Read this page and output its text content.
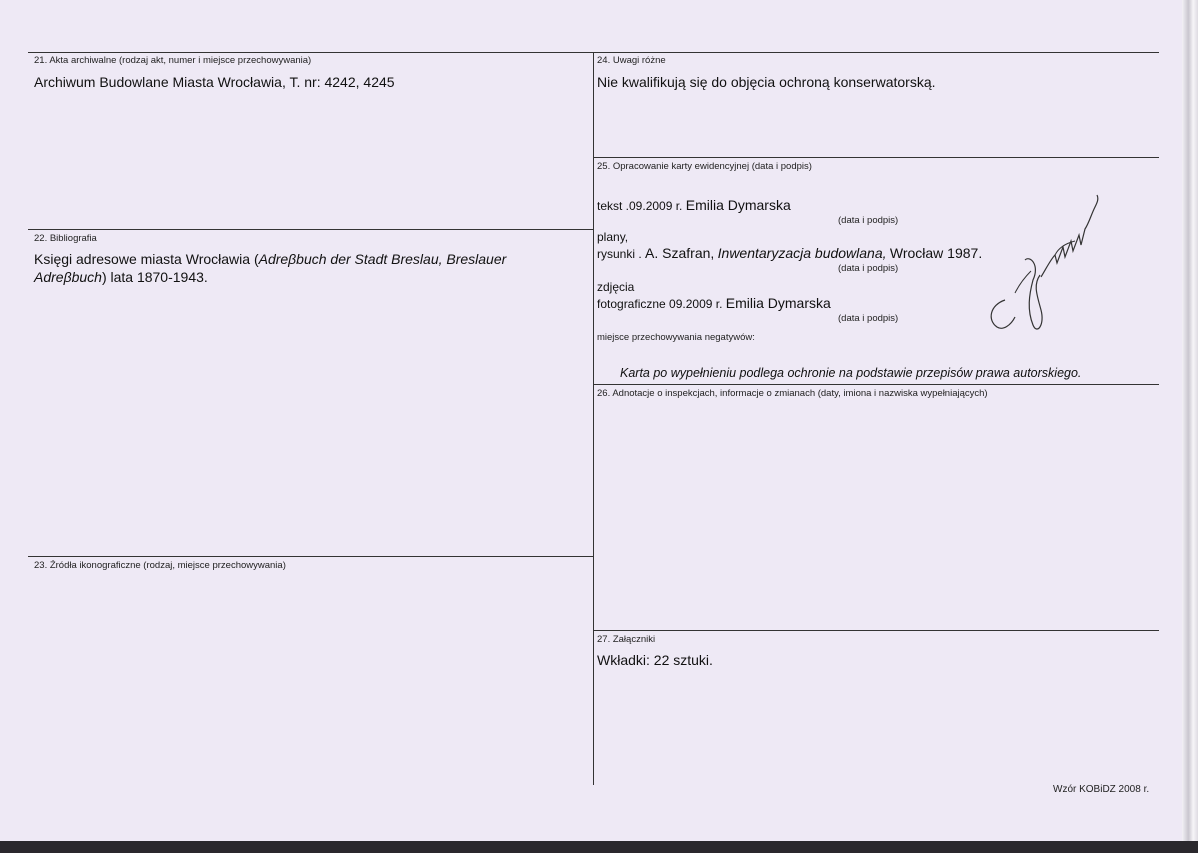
21. Akta archiwalne (rodzaj akt, numer i miejsce przechowywania)
Archiwum Budowlane Miasta Wrocławia, T. nr: 4242, 4245
22. Bibliografia
Księgi adresowe miasta Wrocławia (Adreβbuch der Stadt Breslau, Breslauer
Adreβbuch) lata 1870-1943.
23. Źródła ikonograficzne (rodzaj, miejsce przechowywania)
24. Uwagi różne
Nie kwalifikują się do objęcia ochroną konserwatorską.
25. Opracowanie karty ewidencyjnej (data i podpis)
tekst .09.2009 r. Emilia Dymarska
(data i podpis)
plany,
rysunki . A. Szafran, Inwentaryzacja budowlana, Wrocław 1987.
(data i podpis)
zdjęcia
fotograficzne 09.2009 r. Emilia Dymarska
(data i podpis)
miejsce przechowywania negatywów:
Karta po wypełnieniu podlega ochronie na podstawie przepisów prawa autorskiego.
26. Adnotacje o inspekcjach, informacje o zmianach (daty, imiona i nazwiska wypełniających)
27. Załączniki
Wkładki: 22 sztuki.
Wzór KOBiDZ 2008 r.
